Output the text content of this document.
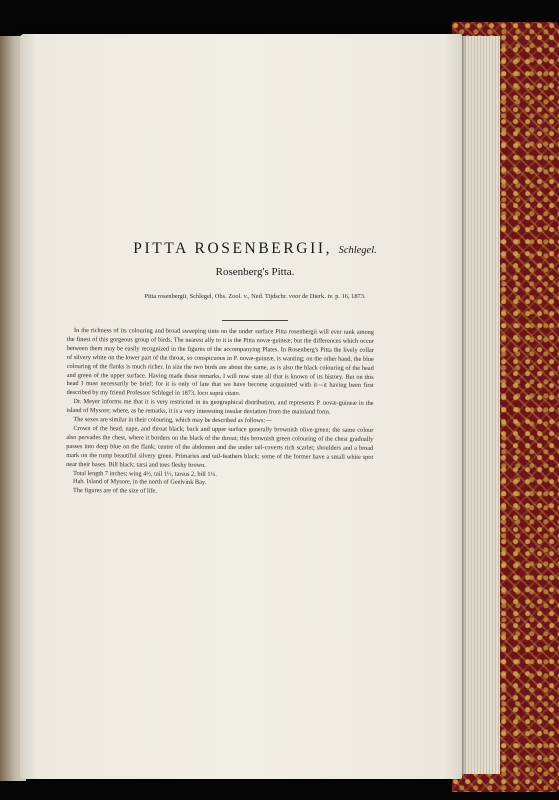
PITTA ROSENBERGII, Schlegel.
Rosenberg's Pitta.
Pitta rosenbergii, Schlegel, Obs. Zool. v., Ned. Tijdschr. voor de Dierk. iv. p. 16, 1873.

In the richness of its colouring and broad sweeping tints on the under surface Pitta rosenbergii will ever rank among the finest of this gorgeous group of birds. The nearest ally to it is the Pitta novæ-guineæ; but the differences which occur between them may be easily recognized in the figures of the accompanying Plates. In Rosenberg's Pitta the lively collar of silvery white on the lower part of the throat, so conspicuous in P. novæ-guineæ, is wanting; on the other hand, the blue colouring of the flanks is much richer. In size the two birds are about the same, as is also the black colouring of the head and green of the upper surface. Having made these remarks, I will now state all that is known of its history. But on this head I must necessarily be brief; for it is only of late that we have become acquainted with it—it having been first described by my friend Professor Schlegel in 1873, loco suprà citato.

Dr. Meyer informs me that it is very restricted in its geographical distribution, and represents P. novæ-guineæ in the island of Mysore; where, as he remarks, it is a very interesting insular deviation from the mainland form.

The sexes are similar in their colouring, which may be described as follows:—

Crown of the head, nape, and throat black; back and upper surface generally brownish olive-green; the same colour also pervades the chest, where it borders on the black of the throat; this brownish green colouring of the chest gradually passes into deep blue on the flank; centre of the abdomen and the under tail-coverts rich scarlet; shoulders and a broad mark on the rump beautiful silvery green. Primaries and tail-feathers black; some of the former have a small white spot near their bases. Bill black; tarsi and toes fleshy brown.

Total length 7 inches; wing 4½, tail 1½, tarsus 2, bill 1¼.

Hab. Island of Mysore, in the north of Geelvink Bay.

The figures are of the size of life.
